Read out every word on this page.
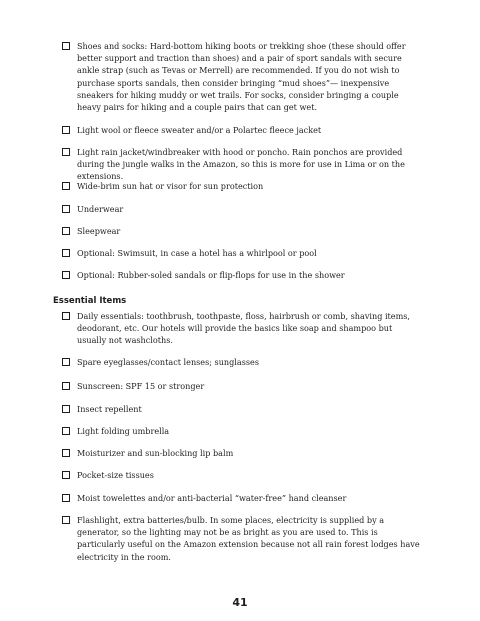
Shoes and socks: Hard-bottom hiking boots or trekking shoe (these should offer better support and traction than shoes) and a pair of sport sandals with secure ankle strap (such as Tevas or Merrell) are recommended. If you do not wish to purchase sports sandals, then consider bringing “mud shoes”— inexpensive sneakers for hiking muddy or wet trails. For socks, consider bringing a couple heavy pairs for hiking and a couple pairs that can get wet.
Light wool or fleece sweater and/or a Polartec fleece jacket
Light rain jacket/windbreaker with hood or poncho. Rain ponchos are provided during the jungle walks in the Amazon, so this is more for use in Lima or on the extensions.
Wide-brim sun hat or visor for sun protection
Underwear
Sleepwear
Optional: Swimsuit, in case a hotel has a whirlpool or pool
Optional: Rubber-soled sandals or flip-flops for use in the shower
Essential Items
Daily essentials: toothbrush, toothpaste, floss, hairbrush or comb, shaving items, deodorant, etc. Our hotels will provide the basics like soap and shampoo but usually not washcloths.
Spare eyeglasses/contact lenses; sunglasses
Sunscreen: SPF 15 or stronger
Insect repellent
Light folding umbrella
Moisturizer and sun-blocking lip balm
Pocket-size tissues
Moist towelettes and/or anti-bacterial “water-free” hand cleanser
Flashlight, extra batteries/bulb. In some places, electricity is supplied by a generator, so the lighting may not be as bright as you are used to. This is particularly useful on the Amazon extension because not all rain forest lodges have electricity in the room.
41
